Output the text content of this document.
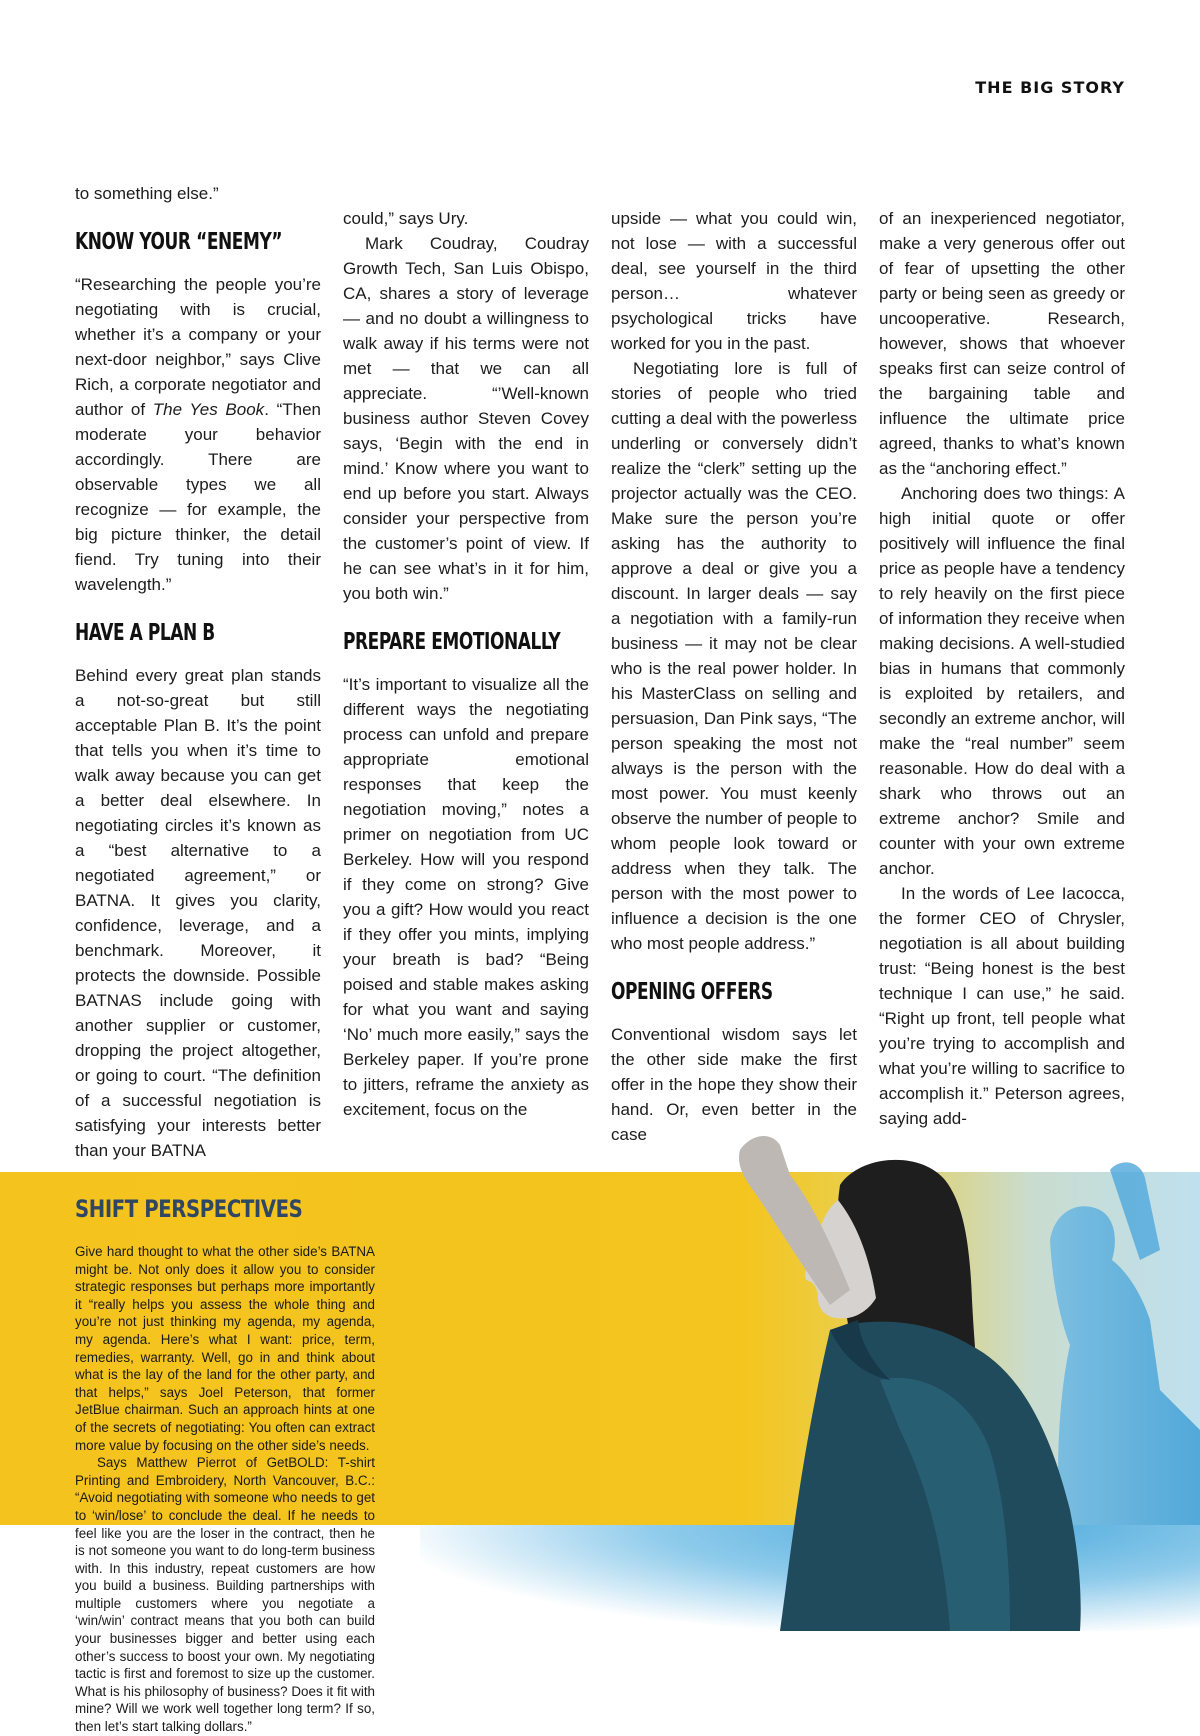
THE BIG STORY

to something else.”

KNOW YOUR “ENEMY”

“Researching the people you’re negotiating with is crucial, whether it’s a company or your next-door neighbor,” says Clive Rich, a corporate negotiator and author of The Yes Book. “Then moderate your behavior accordingly. There are observable types we all recognize — for example, the big picture thinker, the detail fiend. Try tuning into their wavelength.”

HAVE A PLAN B

Behind every great plan stands a not-so-great but still acceptable Plan B. It’s the point that tells you when it’s time to walk away because you can get a better deal elsewhere. In negotiating circles it’s known as a “best alternative to a negotiated agreement,” or BATNA. It gives you clarity, confidence, leverage, and a benchmark. Moreover, it protects the downside. Possible BATNAS include going with another supplier or customer, dropping the project altogether, or going to court. “The definition of a successful negotiation is satisfying your interests better than your BATNA

could,” says Ury.

Mark Coudray, Coudray Growth Tech, San Luis Obispo, CA, shares a story of leverage — and no doubt a willingness to walk away if his terms were not met — that we can all appreciate. “’Well-known business author Steven Covey says, ‘Begin with the end in mind.’ Know where you want to end up before you start. Always consider your perspective from the customer’s point of view. If he can see what’s in it for him, you both win.”

PREPARE EMOTIONALLY

“It’s important to visualize all the different ways the negotiating process can unfold and prepare appropriate emotional responses that keep the negotiation moving,” notes a primer on negotiation from UC Berkeley. How will you respond if they come on strong? Give you a gift? How would you react if they offer you mints, implying your breath is bad? “Being poised and stable makes asking for what you want and saying ‘No’ much more easily,” says the Berkeley paper. If you’re prone to jitters, reframe the anxiety as excitement, focus on the

upside — what you could win, not lose — with a successful deal, see yourself in the third person… whatever psychological tricks have worked for you in the past.

Negotiating lore is full of stories of people who tried cutting a deal with the powerless underling or conversely didn’t realize the “clerk” setting up the projector actually was the CEO. Make sure the person you’re asking has the authority to approve a deal or give you a discount. In larger deals — say a negotiation with a family-run business — it may not be clear who is the real power holder. In his MasterClass on selling and persuasion, Dan Pink says, “The person speaking the most not always is the person with the most power. You must keenly observe the number of people to whom people look toward or address when they talk. The person with the most power to influence a decision is the one who most people address.”

OPENING OFFERS

Conventional wisdom says let the other side make the first offer in the hope they show their hand. Or, even better in the case

of an inexperienced negotiator, make a very generous offer out of fear of upsetting the other party or being seen as greedy or uncooperative. Research, however, shows that whoever speaks first can seize control of the bargaining table and influence the ultimate price agreed, thanks to what’s known as the “anchoring effect.”

Anchoring does two things: A high initial quote or offer positively will influence the final price as people have a tendency to rely heavily on the first piece of information they receive when making decisions. A well-studied bias in humans that commonly is exploited by retailers, and secondly an extreme anchor, will make the “real number” seem reasonable. How do deal with a shark who throws out an extreme anchor? Smile and counter with your own extreme anchor.

In the words of Lee Iacocca, the former CEO of Chrysler, negotiation is all about building trust: “Being honest is the best technique I can use,” he said. “Right up front, tell people what you’re trying to accomplish and what you’re willing to sacrifice to accomplish it.” Peterson agrees, saying add-

SHIFT PERSPECTIVES

Give hard thought to what the other side’s BATNA might be. Not only does it allow you to consider strategic responses but perhaps more importantly it “really helps you assess the whole thing and you’re not just thinking my agenda, my agenda, my agenda. Here’s what I want: price, term, remedies, warranty. Well, go in and think about what is the lay of the land for the other party, and that helps,” says Joel Peterson, that former JetBlue chairman. Such an approach hints at one of the secrets of negotiating: You often can extract more value by focusing on the other side’s needs.

Says Matthew Pierrot of GetBOLD: T-shirt Printing and Embroidery, North Vancouver, B.C.: “Avoid negotiating with someone who needs to get to ‘win/lose’ to conclude the deal. If he needs to feel like you are the loser in the contract, then he is not someone you want to do long-term business with. In this industry, repeat customers are how you build a business. Building partnerships with multiple customers where you negotiate a ‘win/win’ contract means that you both can build your businesses bigger and better using each other’s success to boost your own. My negotiating tactic is first and foremost to size up the customer. What is his philosophy of business? Does it fit with mine? Will we work well together long term? If so, then let’s start talking dollars.”
